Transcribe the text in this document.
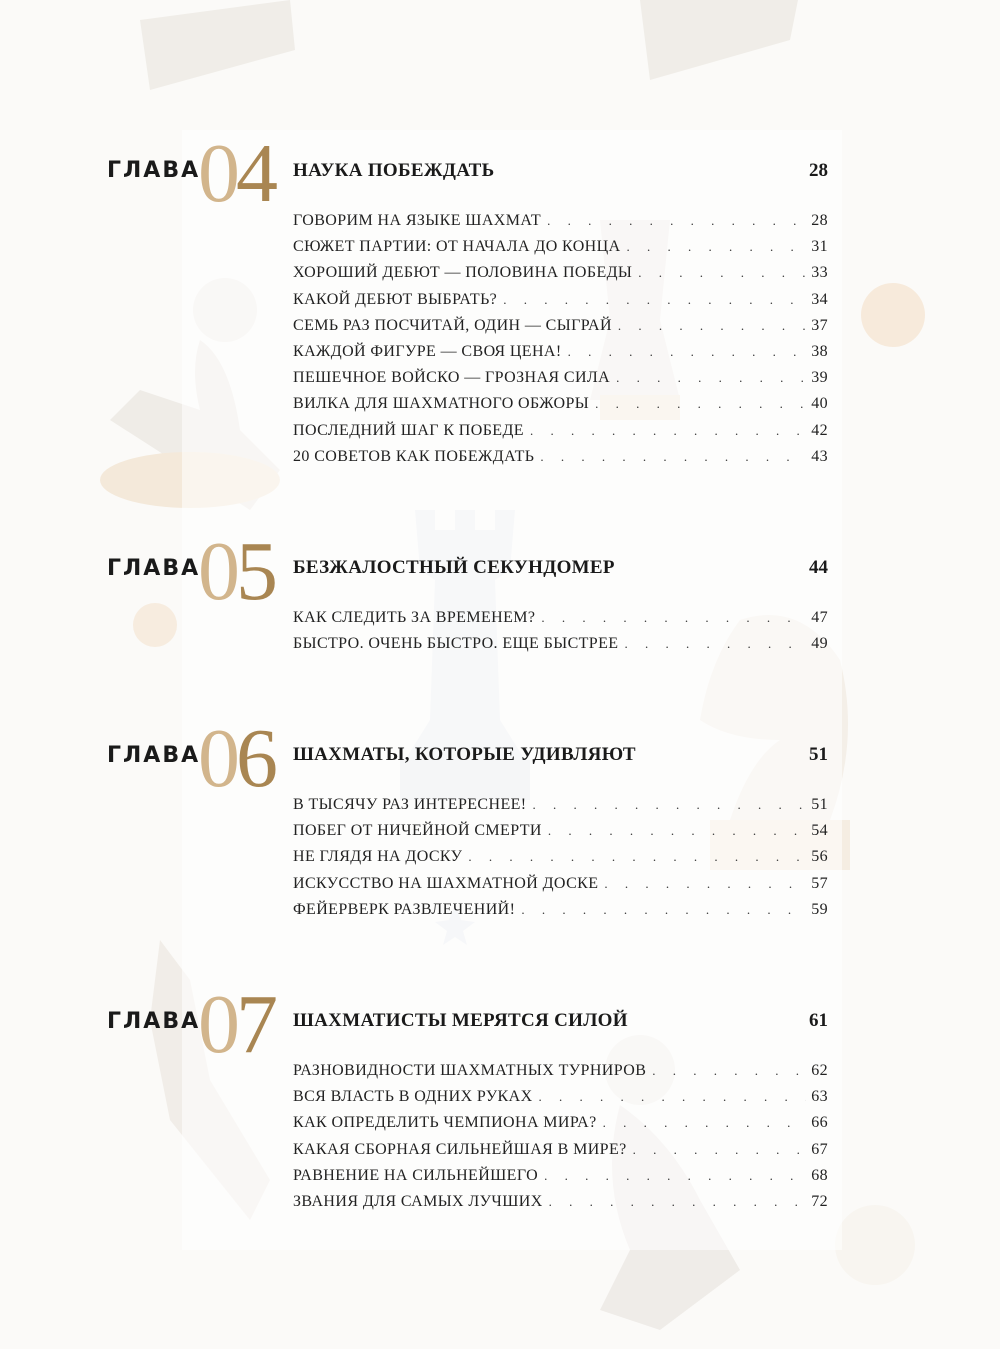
ГЛАВА
04 НАУКА ПОБЕЖДАТЬ	28
ГОВОРИМ НА ЯЗЫКЕ ШАХМАТ . . .	28
СЮЖЕТ ПАРТИИ: ОТ НАЧАЛА ДО КОНЦА . . .	31
ХОРОШИЙ ДЕБЮТ — ПОЛОВИНА ПОБЕДЫ . . .	33
КАКОЙ ДЕБЮТ ВЫБРАТЬ? . . .	34
СЕМЬ РАЗ ПОСЧИТАЙ, ОДИН — СЫГРАЙ . . .	37
КАЖДОЙ ФИГУРЕ — СВОЯ ЦЕНА! . . .	38
ПЕШЕЧНОЕ ВОЙСКО — ГРОЗНАЯ СИЛА . . .	39
ВИЛКА ДЛЯ ШАХМАТНОГО ОБЖОРЫ . . .	40
ПОСЛЕДНИЙ ШАГ К ПОБЕДЕ . . .	42
20 СОВЕТОВ КАК ПОБЕЖДАТЬ . . .	43
ГЛАВА
05 БЕЗЖАЛОСТНЫЙ СЕКУНДОМЕР	44
КАК СЛЕДИТЬ ЗА ВРЕМЕНЕМ? . . .	47
БЫСТРО. ОЧЕНЬ БЫСТРО. ЕЩЕ БЫСТРЕЕ . . .	49
ГЛАВА
06 ШАХМАТЫ, КОТОРЫЕ УДИВЛЯЮТ	51
В ТЫСЯЧУ РАЗ ИНТЕРЕСНЕЕ! . . .	51
ПОБЕГ ОТ НИЧЕЙНОЙ СМЕРТИ . . .	54
НЕ ГЛЯДЯ НА ДОСКУ . . .	56
ИСКУССТВО НА ШАХМАТНОЙ ДОСКЕ . . .	57
ФЕЙЕРВЕРК РАЗВЛЕЧЕНИЙ! . . .	59
ГЛАВА
07 ШАХМАТИСТЫ МЕРЯТСЯ СИЛОЙ	61
РАЗНОВИДНОСТИ ШАХМАТНЫХ ТУРНИРОВ . . .	62
ВСЯ ВЛАСТЬ В ОДНИХ РУКАХ . . .	63
КАК ОПРЕДЕЛИТЬ ЧЕМПИОНА МИРА? . . .	66
КАКАЯ СБОРНАЯ СИЛЬНЕЙШАЯ В МИРЕ? . . .	67
РАВНЕНИЕ НА СИЛЬНЕЙШЕГО . . .	68
ЗВАНИЯ ДЛЯ САМЫХ ЛУЧШИХ . . .	72
